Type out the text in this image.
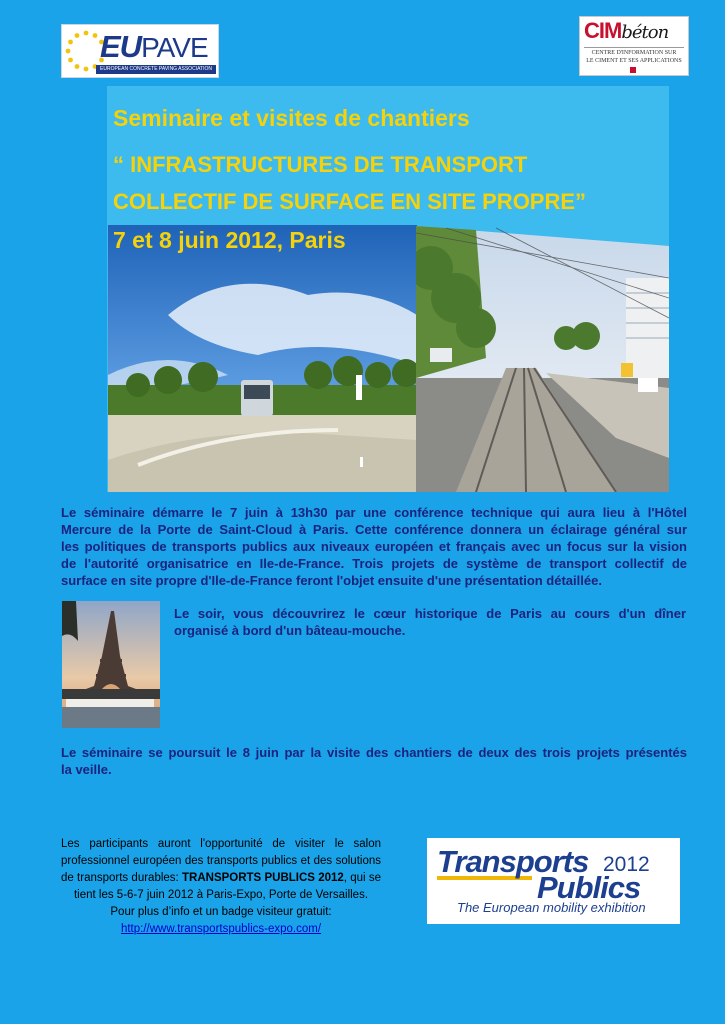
EUPAVE
EUROPEAN CONCRETE PAVING ASSOCIATION
CIMbéton
CENTRE D'INFORMATION SUR
LE CIMENT ET SES APPLICATIONS
Seminaire et visites de chantiers
“ INFRASTRUCTURES DE TRANSPORT
COLLECTIF DE SURFACE EN SITE PROPRE”
7 et 8 juin 2012, Paris
Le séminaire démarre le 7 juin à 13h30 par une conférence technique qui aura lieu à l'Hôtel
Mercure de la Porte de Saint-Cloud à Paris. Cette conférence donnera un éclairage général sur
les politiques de transports publics aux niveaux européen et français avec un focus sur la vision
de l'autorité organisatrice en Ile-de-France. Trois projets de système de transport collectif de
surface en site propre d'Ile-de-France feront l'objet ensuite d'une présentation détaillée.
Le soir, vous découvrirez le cœur historique de Paris au cours d'un dîner
organisé à bord d'un bâteau-mouche.
Le séminaire se poursuit le 8 juin par la visite des chantiers de deux des trois projets présentés
la veille.
Les participants auront l'opportunité de visiter le salon
professionnel européen des transports publics et des solutions
de transports durables: TRANSPORTS PUBLICS 2012, qui se
tient les 5-6-7 juin 2012 à Paris-Expo, Porte de Versailles.
Pour plus d’info et un badge visiteur gratuit:
http://www.transportspublics-expo.com/
Transports 2012
Publics
The European mobility exhibition
